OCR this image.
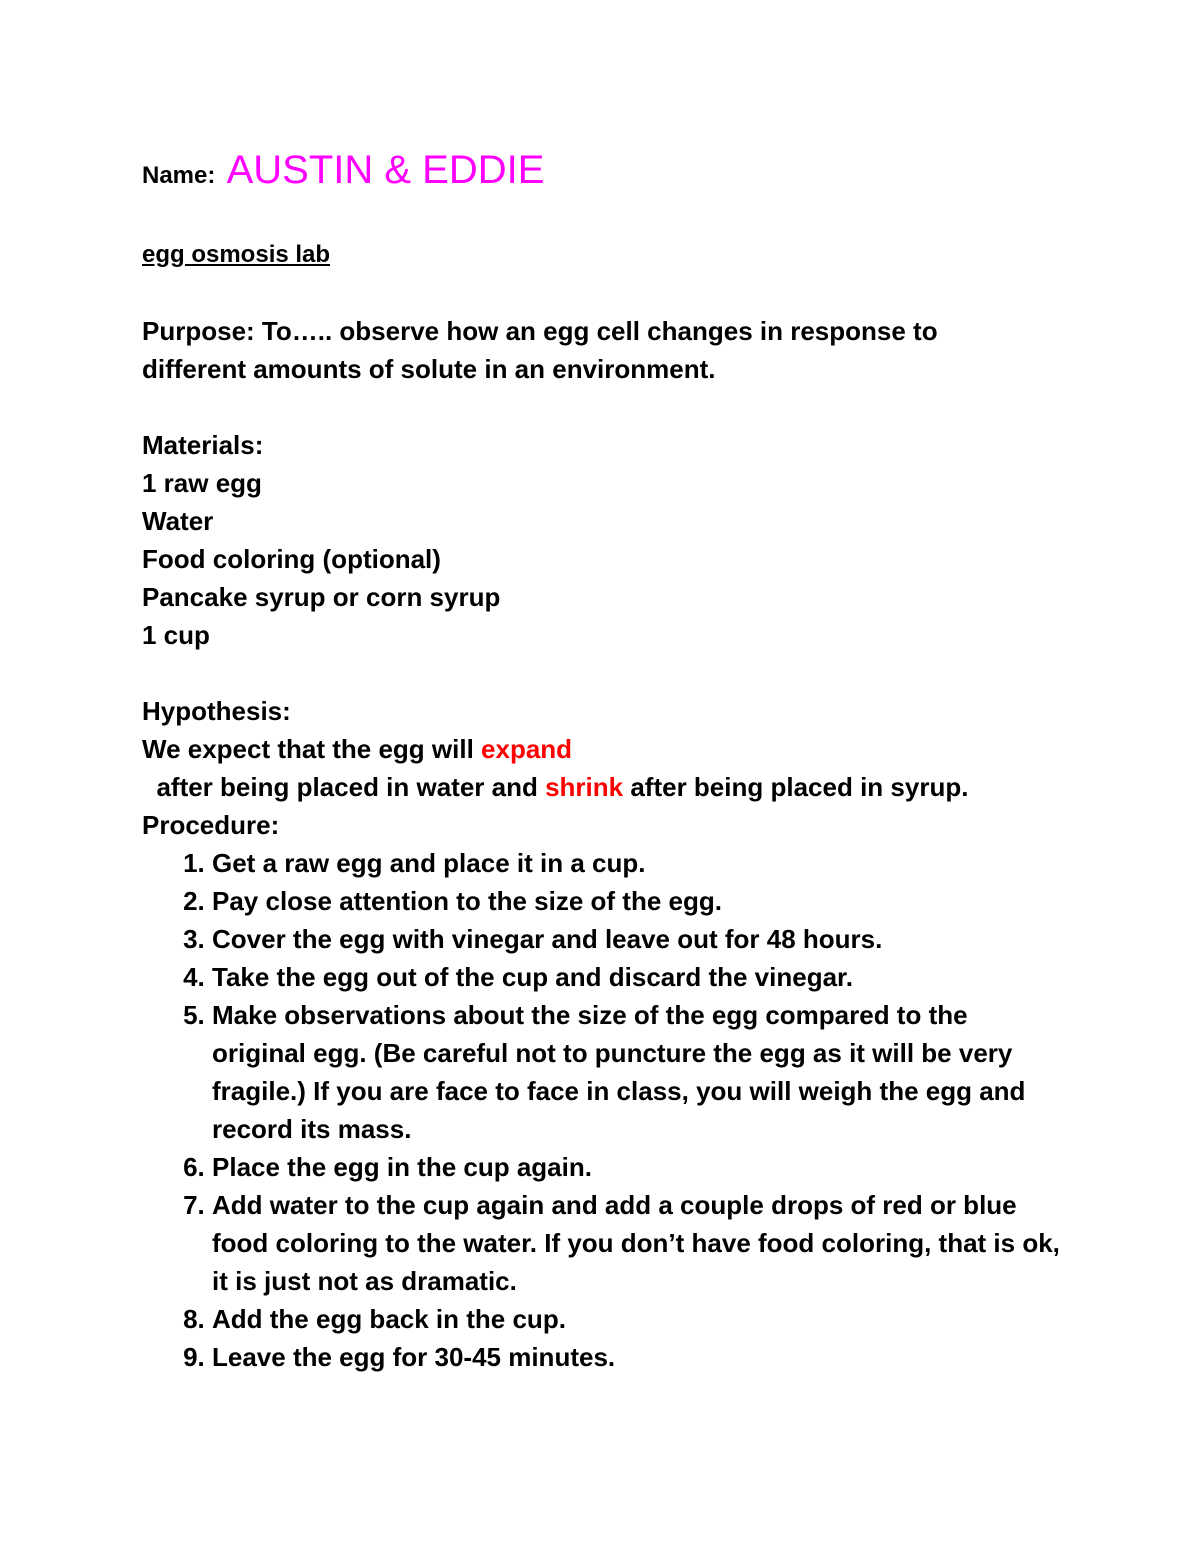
Name: AUSTIN & EDDIE

egg osmosis lab

Purpose: To….. observe how an egg cell changes in response to different amounts of solute in an environment.

Materials:

1 raw egg
Water
Food coloring (optional)
Pancake syrup or corn syrup
1 cup

Hypothesis:

We expect that the egg will expand  after being placed in water and shrink after being placed in syrup.

Procedure:

1. Get a raw egg and place it in a cup.
2. Pay close attention to the size of the egg.
3. Cover the egg with vinegar and leave out for 48 hours.
4. Take the egg out of the cup and discard the vinegar.
5. Make observations about the size of the egg compared to the original egg. (Be careful not to puncture the egg as it will be very fragile.) If you are face to face in class, you will weigh the egg and record its mass.
6. Place the egg in the cup again.
7. Add water to the cup again and add a couple drops of red or blue food coloring to the water. If you don’t have food coloring, that is ok, it is just not as dramatic.
8. Add the egg back in the cup.
9. Leave the egg for 30-45 minutes.
